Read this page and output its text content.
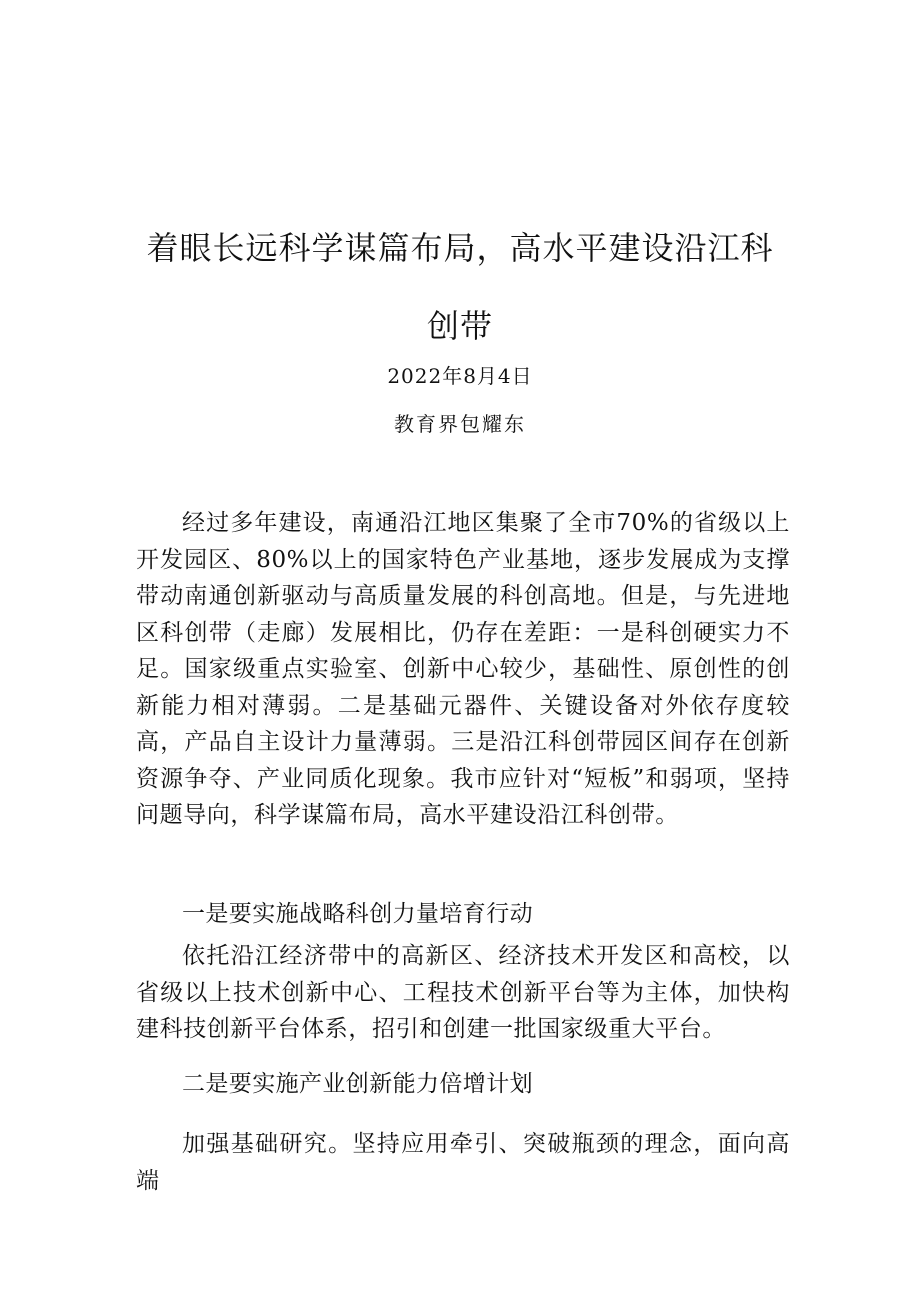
着眼长远科学谋篇布局，高水平建设沿江科
创带
2022年8月4日
教育界包耀东

经过多年建设，南通沿江地区集聚了全市70%的省级以上开发园区、80%以上的国家特色产业基地，逐步发展成为支撑带动南通创新驱动与高质量发展的科创高地。但是，与先进地区科创带（走廊）发展相比，仍存在差距：一是科创硬实力不足。国家级重点实验室、创新中心较少，基础性、原创性的创新能力相对薄弱。二是基础元器件、关键设备对外依存度较高，产品自主设计力量薄弱。三是沿江科创带园区间存在创新资源争夺、产业同质化现象。我市应针对“短板”和弱项，坚持问题导向，科学谋篇布局，高水平建设沿江科创带。

一是要实施战略科创力量培育行动

依托沿江经济带中的高新区、经济技术开发区和高校，以省级以上技术创新中心、工程技术创新平台等为主体，加快构建科技创新平台体系，招引和创建一批国家级重大平台。

二是要实施产业创新能力倍增计划

加强基础研究。坚持应用牵引、突破瓶颈的理念，面向高端
